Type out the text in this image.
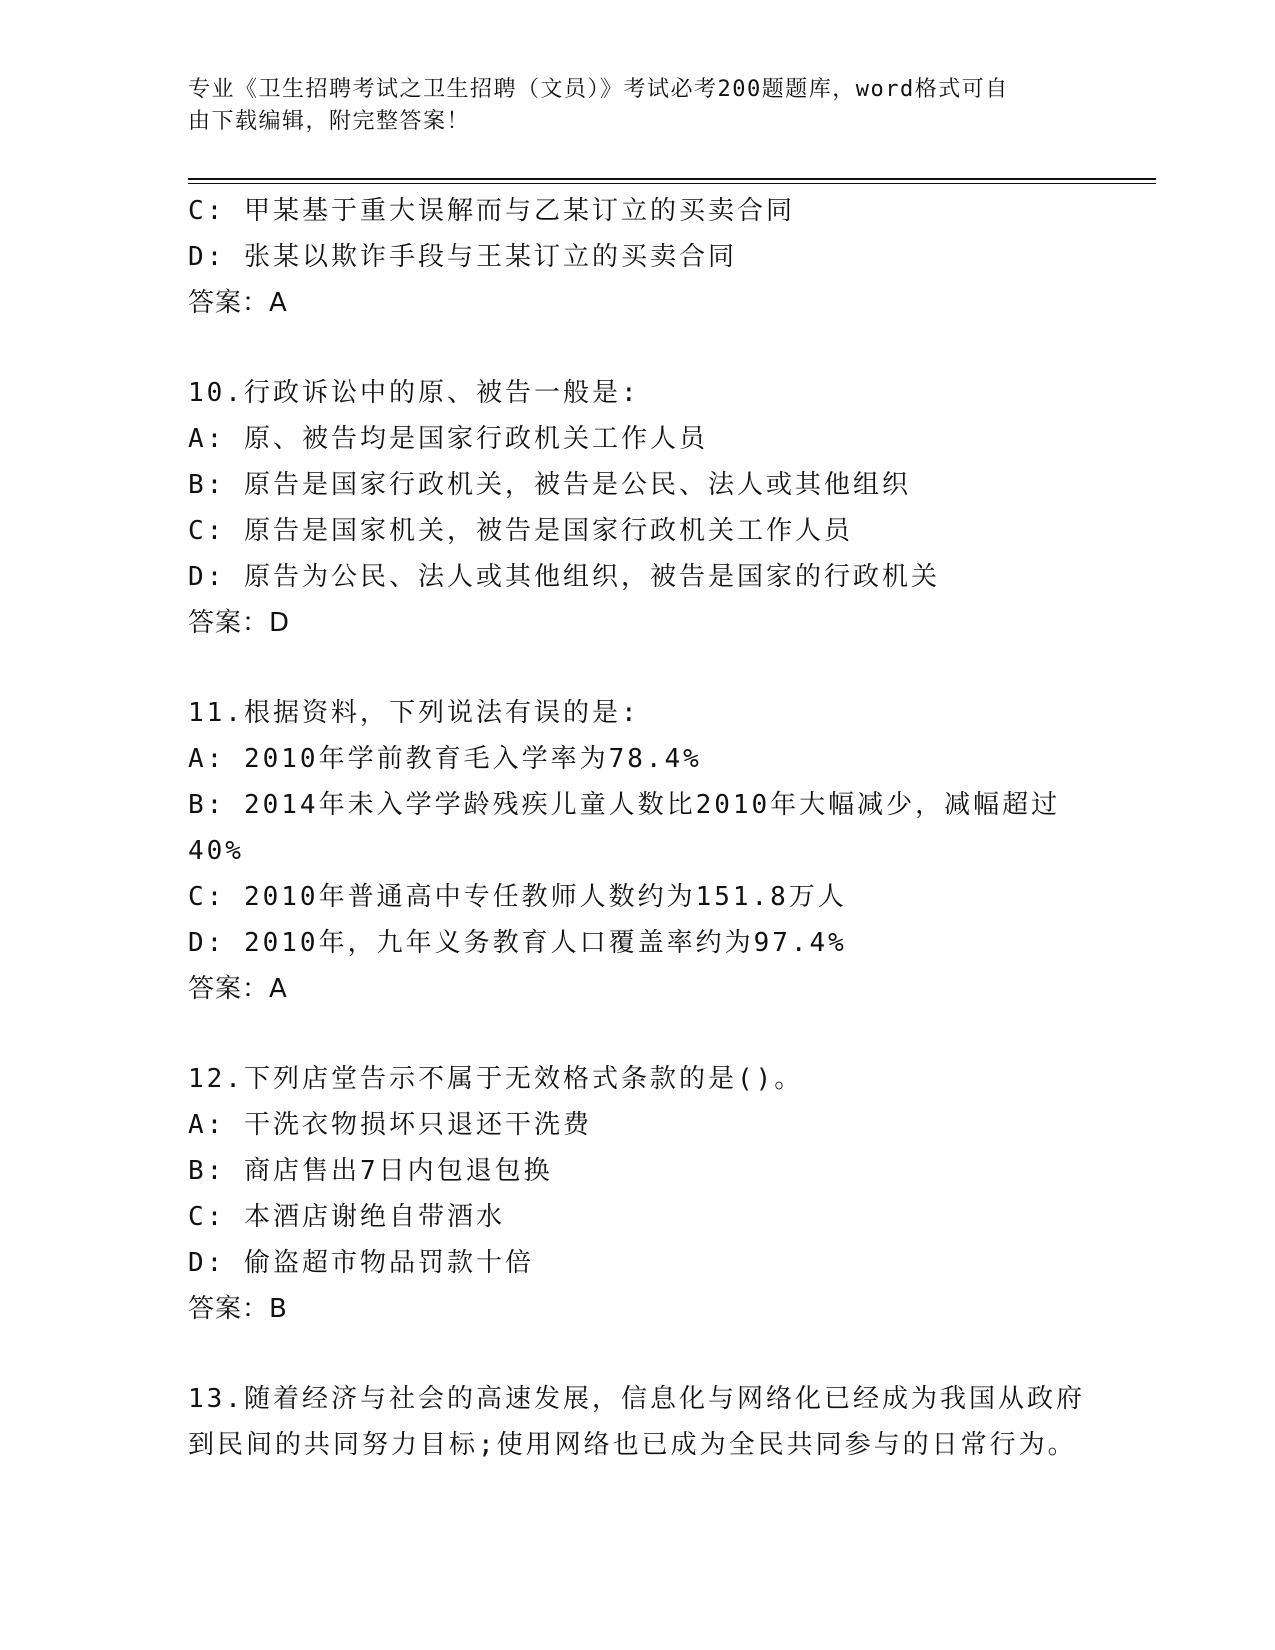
专业《卫生招聘考试之卫生招聘（文员）》考试必考200题题库，word格式可自
由下载编辑，附完整答案！
C: 甲某基于重大误解而与乙某订立的买卖合同
D: 张某以欺诈手段与王某订立的买卖合同
答案：A
10.行政诉讼中的原、被告一般是:
A: 原、被告均是国家行政机关工作人员
B: 原告是国家行政机关，被告是公民、法人或其他组织
C: 原告是国家机关，被告是国家行政机关工作人员
D: 原告为公民、法人或其他组织，被告是国家的行政机关
答案：D
11.根据资料，下列说法有误的是:
A: 2010年学前教育毛入学率为78.4%
B: 2014年未入学学龄残疾儿童人数比2010年大幅减少，减幅超过
40%
C: 2010年普通高中专任教师人数约为151.8万人
D: 2010年，九年义务教育人口覆盖率约为97.4%
答案：A
12.下列店堂告示不属于无效格式条款的是()。
A: 干洗衣物损坏只退还干洗费
B: 商店售出7日内包退包换
C: 本酒店谢绝自带酒水
D: 偷盗超市物品罚款十倍
答案：B
13.随着经济与社会的高速发展，信息化与网络化已经成为我国从政府
到民间的共同努力目标;使用网络也已成为全民共同参与的日常行为。
